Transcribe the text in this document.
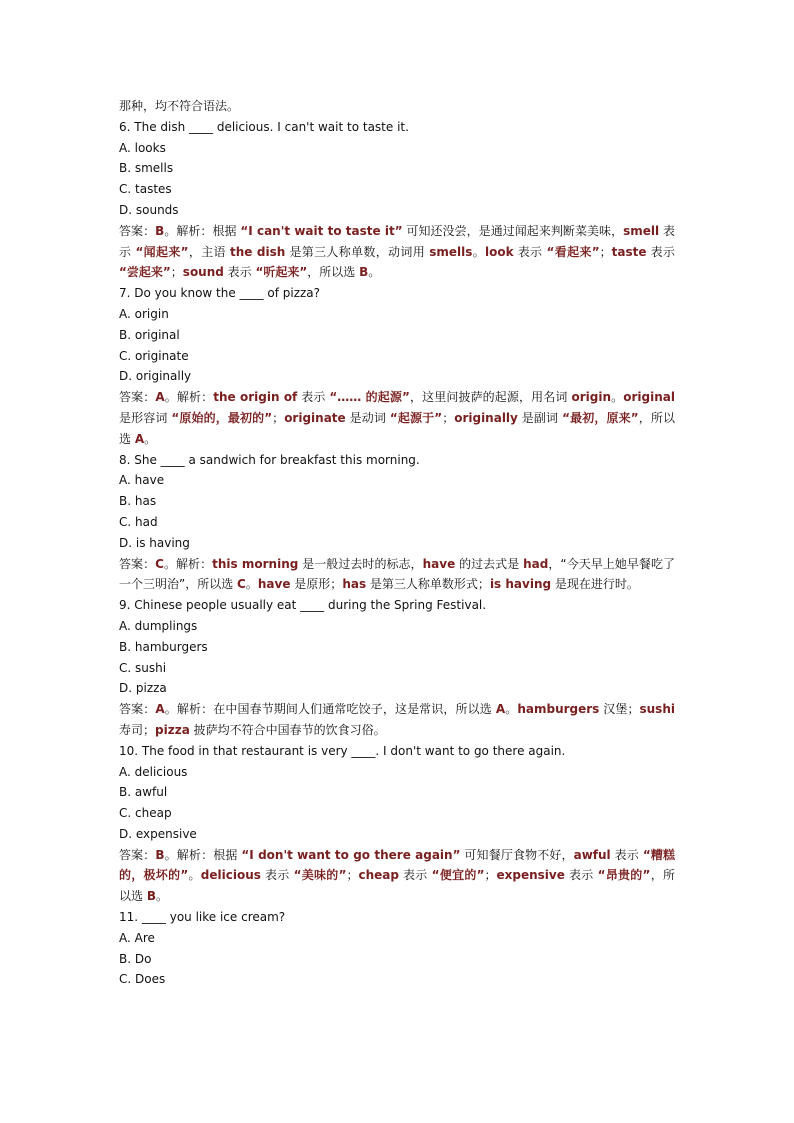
那种，均不符合语法。
6. The dish ____ delicious. I can't wait to taste it.
A. looks
B. smells
C. tastes
D. sounds
答案：B。解析：根据 “I can't wait to taste it” 可知还没尝，是通过闻起来判断菜美味，smell 表示 “闻起来”，主语 the dish 是第三人称单数，动词用 smells。look 表示 “看起来”；taste 表示 “尝起来”；sound 表示 “听起来”，所以选 B。
7. Do you know the ____ of pizza?
A. origin
B. original
C. originate
D. originally
答案：A。解析：the origin of 表示 “…… 的起源”，这里问披萨的起源，用名词 origin。original 是形容词 “原始的，最初的”；originate 是动词 “起源于”；originally 是副词 “最初，原来”，所以选 A。
8. She ____ a sandwich for breakfast this morning.
A. have
B. has
C. had
D. is having
答案：C。解析：this morning 是一般过去时的标志，have 的过去式是 had，“今天早上她早餐吃了一个三明治”，所以选 C。have 是原形；has 是第三人称单数形式；is having 是现在进行时。
9. Chinese people usually eat ____ during the Spring Festival.
A. dumplings
B. hamburgers
C. sushi
D. pizza
答案：A。解析：在中国春节期间人们通常吃饺子，这是常识，所以选 A。hamburgers 汉堡；sushi 寿司；pizza 披萨均不符合中国春节的饮食习俗。
10. The food in that restaurant is very ____. I don't want to go there again.
A. delicious
B. awful
C. cheap
D. expensive
答案：B。解析：根据 “I don't want to go there again” 可知餐厅食物不好，awful 表示 “糟糕的，极坏的”。delicious 表示 “美味的”；cheap 表示 “便宜的”；expensive 表示 “昂贵的”，所以选 B。
11. ____ you like ice cream?
A. Are
B. Do
C. Does
